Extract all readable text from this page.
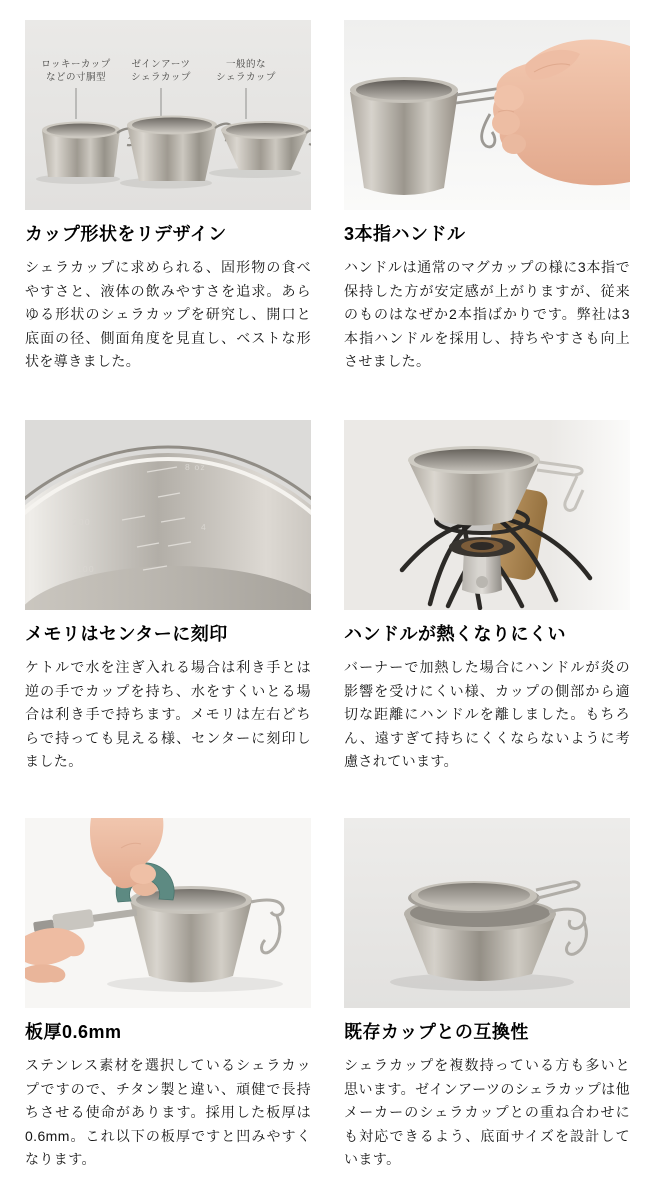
ロッキーカップ
などの寸胴型
ゼインアーツ
シェラカップ
一般的な
シェラカップ
カップ形状をリデザイン

シェラカップに求められる、固形物の食べやすさと、液体の飲みやすさを追求。あらゆる形状のシェラカップを研究し、開口と底面の径、側面角度を見直し、ベストな形状を導きました。

3本指ハンドル

ハンドルは通常のマグカップの様に3本指で保持した方が安定感が上がりますが、従来のものはなぜか2本指ばかりです。弊社は3本指ハンドルを採用し、持ちやすさも向上させました。

8 oz
200	4
100
メモリはセンターに刻印

ケトルで水を注ぎ入れる場合は利き手とは逆の手でカップを持ち、水をすくいとる場合は利き手で持ちます。メモリは左右どちらで持っても見える様、センターに刻印しました。

ハンドルが熱くなりにくい

バーナーで加熱した場合にハンドルが炎の影響を受けにくい様、カップの側部から適切な距離にハンドルを離しました。もちろん、遠すぎて持ちにくくならないように考慮されています。

板厚0.6mm

ステンレス素材を選択しているシェラカップですので、チタン製と違い、頑健で長持ちさせる使命があります。採用した板厚は0.6mm。これ以下の板厚ですと凹みやすくなります。

既存カップとの互換性

シェラカップを複数持っている方も多いと思います。ゼインアーツのシェラカップは他メーカーのシェラカップとの重ね合わせにも対応できるよう、底面サイズを設計しています。
